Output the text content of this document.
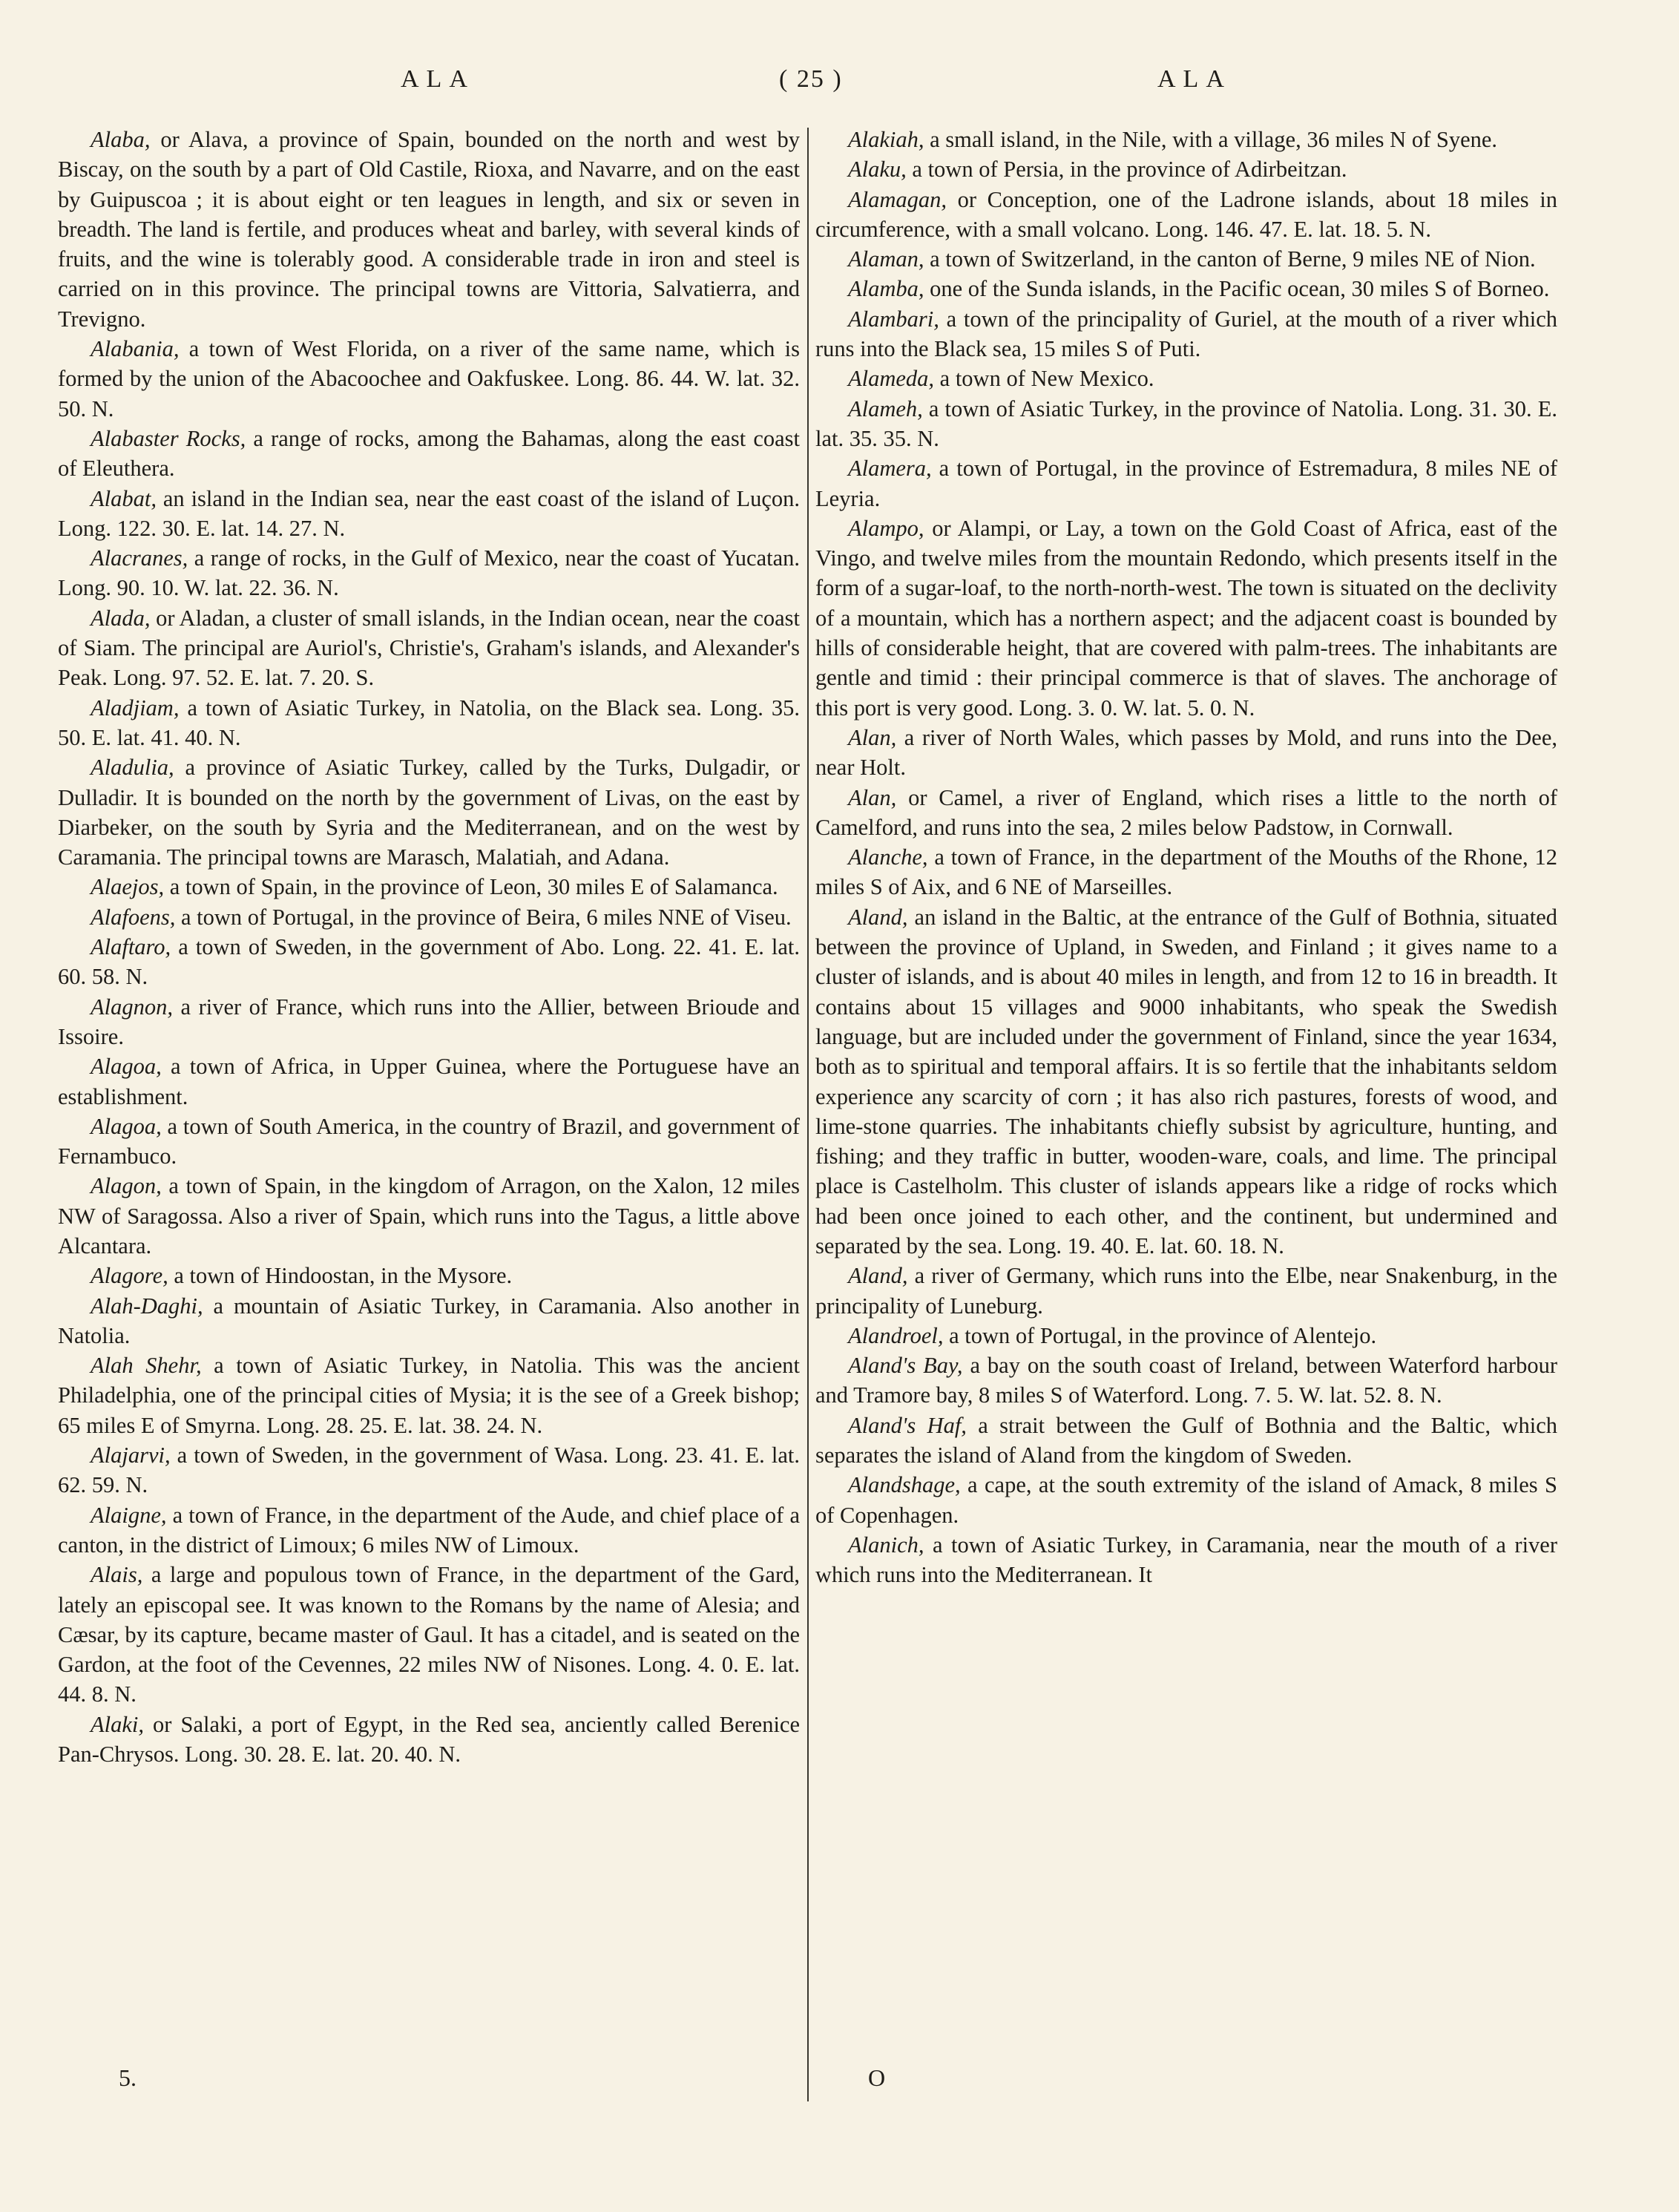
ALA	( 25 )	ALA

Alaba, or Alava, a province of Spain, bounded on the north and west by Biscay, on the south by a part of Old Castile, Rioxa, and Navarre, and on the east by Guipuscoa ; it is about eight or ten leagues in length, and six or seven in breadth. The land is fertile, and produces wheat and barley, with several kinds of fruits, and the wine is tolerably good. A considerable trade in iron and steel is carried on in this province. The principal towns are Vittoria, Salvatierra, and Trevigno.

Alabania, a town of West Florida, on a river of the same name, which is formed by the union of the Abacoochee and Oakfuskee. Long. 86. 44. W. lat. 32. 50. N.

Alabaster Rocks, a range of rocks, among the Bahamas, along the east coast of Eleuthera.

Alabat, an island in the Indian sea, near the east coast of the island of Luçon. Long. 122. 30. E. lat. 14. 27. N.

Alacranes, a range of rocks, in the Gulf of Mexico, near the coast of Yucatan. Long. 90. 10. W. lat. 22. 36. N.

Alada, or Aladan, a cluster of small islands, in the Indian ocean, near the coast of Siam. The principal are Auriol's, Christie's, Graham's islands, and Alexander's Peak. Long. 97. 52. E. lat. 7. 20. S.

Aladjiam, a town of Asiatic Turkey, in Natolia, on the Black sea. Long. 35. 50. E. lat. 41. 40. N.

Aladulia, a province of Asiatic Turkey, called by the Turks, Dulgadir, or Dulladir. It is bounded on the north by the government of Livas, on the east by Diarbeker, on the south by Syria and the Mediterranean, and on the west by Caramania. The principal towns are Marasch, Malatiah, and Adana.

Alaejos, a town of Spain, in the province of Leon, 30 miles E of Salamanca.

Alafoens, a town of Portugal, in the province of Beira, 6 miles NNE of Viseu.

Alaftaro, a town of Sweden, in the government of Abo. Long. 22. 41. E. lat. 60. 58. N.

Alagnon, a river of France, which runs into the Allier, between Brioude and Issoire.

Alagoa, a town of Africa, in Upper Guinea, where the Portuguese have an establishment.

Alagoa, a town of South America, in the country of Brazil, and government of Fernambuco.

Alagon, a town of Spain, in the kingdom of Arragon, on the Xalon, 12 miles NW of Saragossa. Also a river of Spain, which runs into the Tagus, a little above Alcantara.

Alagore, a town of Hindoostan, in the Mysore.

Alah-Daghi, a mountain of Asiatic Turkey, in Caramania. Also another in Natolia.

Alah Shehr, a town of Asiatic Turkey, in Natolia. This was the ancient Philadelphia, one of the principal cities of Mysia; it is the see of a Greek bishop; 65 miles E of Smyrna. Long. 28. 25. E. lat. 38. 24. N.

Alajarvi, a town of Sweden, in the government of Wasa. Long. 23. 41. E. lat. 62. 59. N.

Alaigne, a town of France, in the department of the Aude, and chief place of a canton, in the district of Limoux; 6 miles NW of Limoux.

Alais, a large and populous town of France, in the department of the Gard, lately an episcopal see. It was known to the Romans by the name of Alesia; and Cæsar, by its capture, became master of Gaul. It has a citadel, and is seated on the Gardon, at the foot of the Cevennes, 22 miles NW of Nisones. Long. 4. 0. E. lat. 44. 8. N.

Alaki, or Salaki, a port of Egypt, in the Red sea, anciently called Berenice Pan-Chrysos. Long. 30. 28. E. lat. 20. 40. N.

Alakiah, a small island, in the Nile, with a village, 36 miles N of Syene.

Alaku, a town of Persia, in the province of Adirbeitzan.

Alamagan, or Conception, one of the Ladrone islands, about 18 miles in circumference, with a small volcano. Long. 146. 47. E. lat. 18. 5. N.

Alaman, a town of Switzerland, in the canton of Berne, 9 miles NE of Nion.

Alamba, one of the Sunda islands, in the Pacific ocean, 30 miles S of Borneo.

Alambari, a town of the principality of Guriel, at the mouth of a river which runs into the Black sea, 15 miles S of Puti.

Alameda, a town of New Mexico.

Alameh, a town of Asiatic Turkey, in the province of Natolia. Long. 31. 30. E. lat. 35. 35. N.

Alamera, a town of Portugal, in the province of Estremadura, 8 miles NE of Leyria.

Alampo, or Alampi, or Lay, a town on the Gold Coast of Africa, east of the Vingo, and twelve miles from the mountain Redondo, which presents itself in the form of a sugar-loaf, to the north-north-west. The town is situated on the declivity of a mountain, which has a northern aspect; and the adjacent coast is bounded by hills of considerable height, that are covered with palm-trees. The inhabitants are gentle and timid : their principal commerce is that of slaves. The anchorage of this port is very good. Long. 3. 0. W. lat. 5. 0. N.

Alan, a river of North Wales, which passes by Mold, and runs into the Dee, near Holt.

Alan, or Camel, a river of England, which rises a little to the north of Camelford, and runs into the sea, 2 miles below Padstow, in Cornwall.

Alanche, a town of France, in the department of the Mouths of the Rhone, 12 miles S of Aix, and 6 NE of Marseilles.

Aland, an island in the Baltic, at the entrance of the Gulf of Bothnia, situated between the province of Upland, in Sweden, and Finland ; it gives name to a cluster of islands, and is about 40 miles in length, and from 12 to 16 in breadth. It contains about 15 villages and 9000 inhabitants, who speak the Swedish language, but are included under the government of Finland, since the year 1634, both as to spiritual and temporal affairs. It is so fertile that the inhabitants seldom experience any scarcity of corn ; it has also rich pastures, forests of wood, and lime-stone quarries. The inhabitants chiefly subsist by agriculture, hunting, and fishing; and they traffic in butter, wooden-ware, coals, and lime. The principal place is Castelholm. This cluster of islands appears like a ridge of rocks which had been once joined to each other, and the continent, but undermined and separated by the sea. Long. 19. 40. E. lat. 60. 18. N.

Aland, a river of Germany, which runs into the Elbe, near Snakenburg, in the principality of Luneburg.

Alandroel, a town of Portugal, in the province of Alentejo.

Aland's Bay, a bay on the south coast of Ireland, between Waterford harbour and Tramore bay, 8 miles S of Waterford. Long. 7. 5. W. lat. 52. 8. N.

Aland's Haf, a strait between the Gulf of Bothnia and the Baltic, which separates the island of Aland from the kingdom of Sweden.

Alandshage, a cape, at the south extremity of the island of Amack, 8 miles S of Copenhagen.

Alanich, a town of Asiatic Turkey, in Caramania, near the mouth of a river which runs into the Mediterranean. It

5.	O
